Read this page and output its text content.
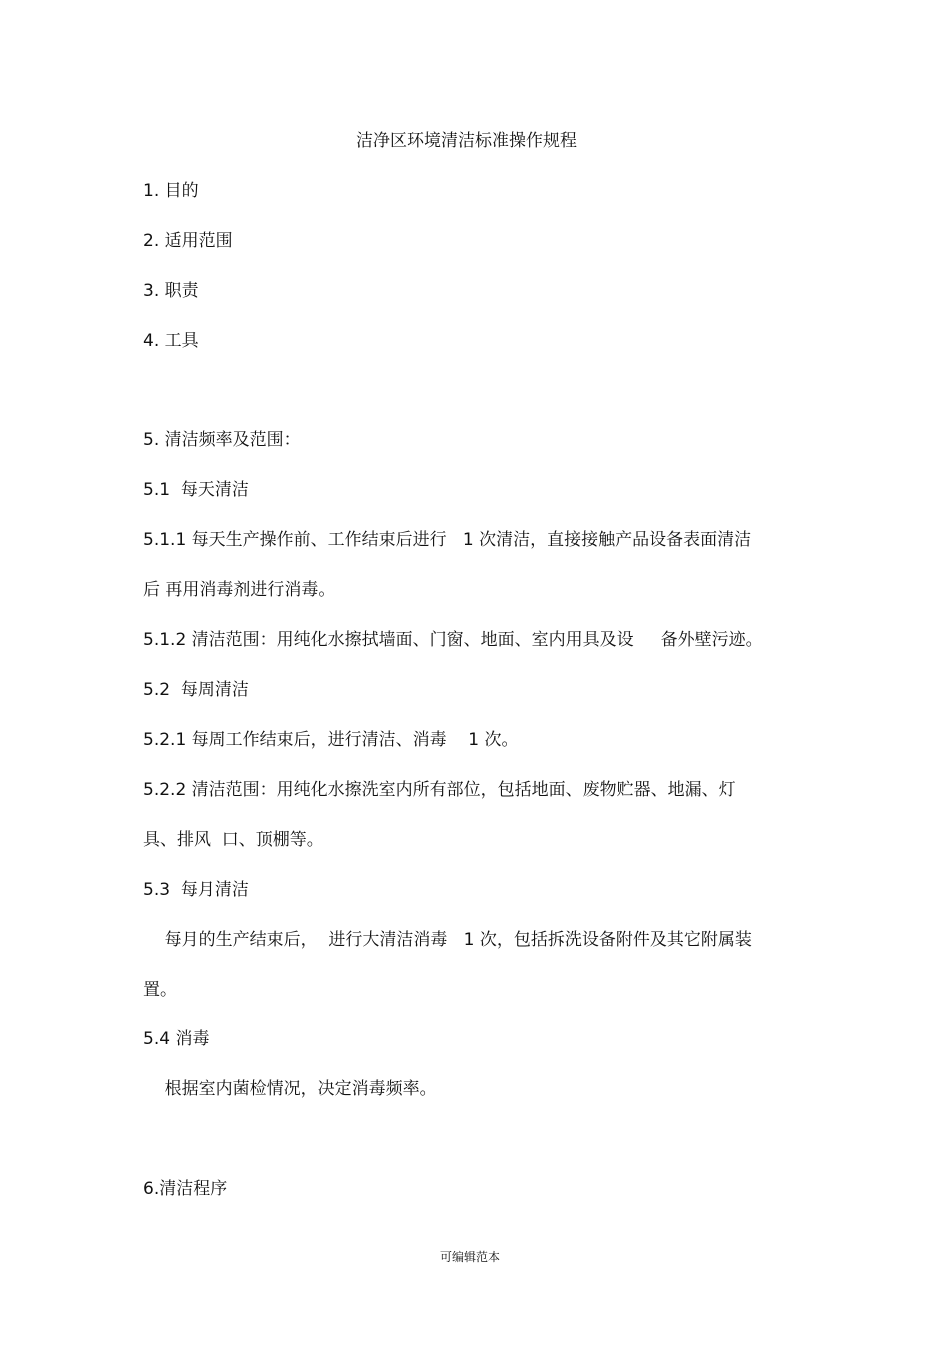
洁净区环境清洁标准操作规程
1. 目的
2. 适用范围
3. 职责
4. 工具
5. 清洁频率及范围：
5.1  每天清洁
5.1.1 每天生产操作前、工作结束后进行   1 次清洁，直接接触产品设备表面清洁
后 再用消毒剂进行消毒。
5.1.2 清洁范围：用纯化水擦拭墙面、门窗、地面、室内用具及设     备外壁污迹。
5.2  每周清洁
5.2.1 每周工作结束后，进行清洁、消毒    1 次。
5.2.2 清洁范围：用纯化水擦洗室内所有部位，包括地面、废物贮器、地漏、灯
具、排风  口、顶棚等。
5.3  每月清洁
每月的生产结束后，  进行大清洁消毒   1 次，包括拆洗设备附件及其它附属装
置。
5.4 消毒
根据室内菌检情况，决定消毒频率。
6.清洁程序
可编辑范本
